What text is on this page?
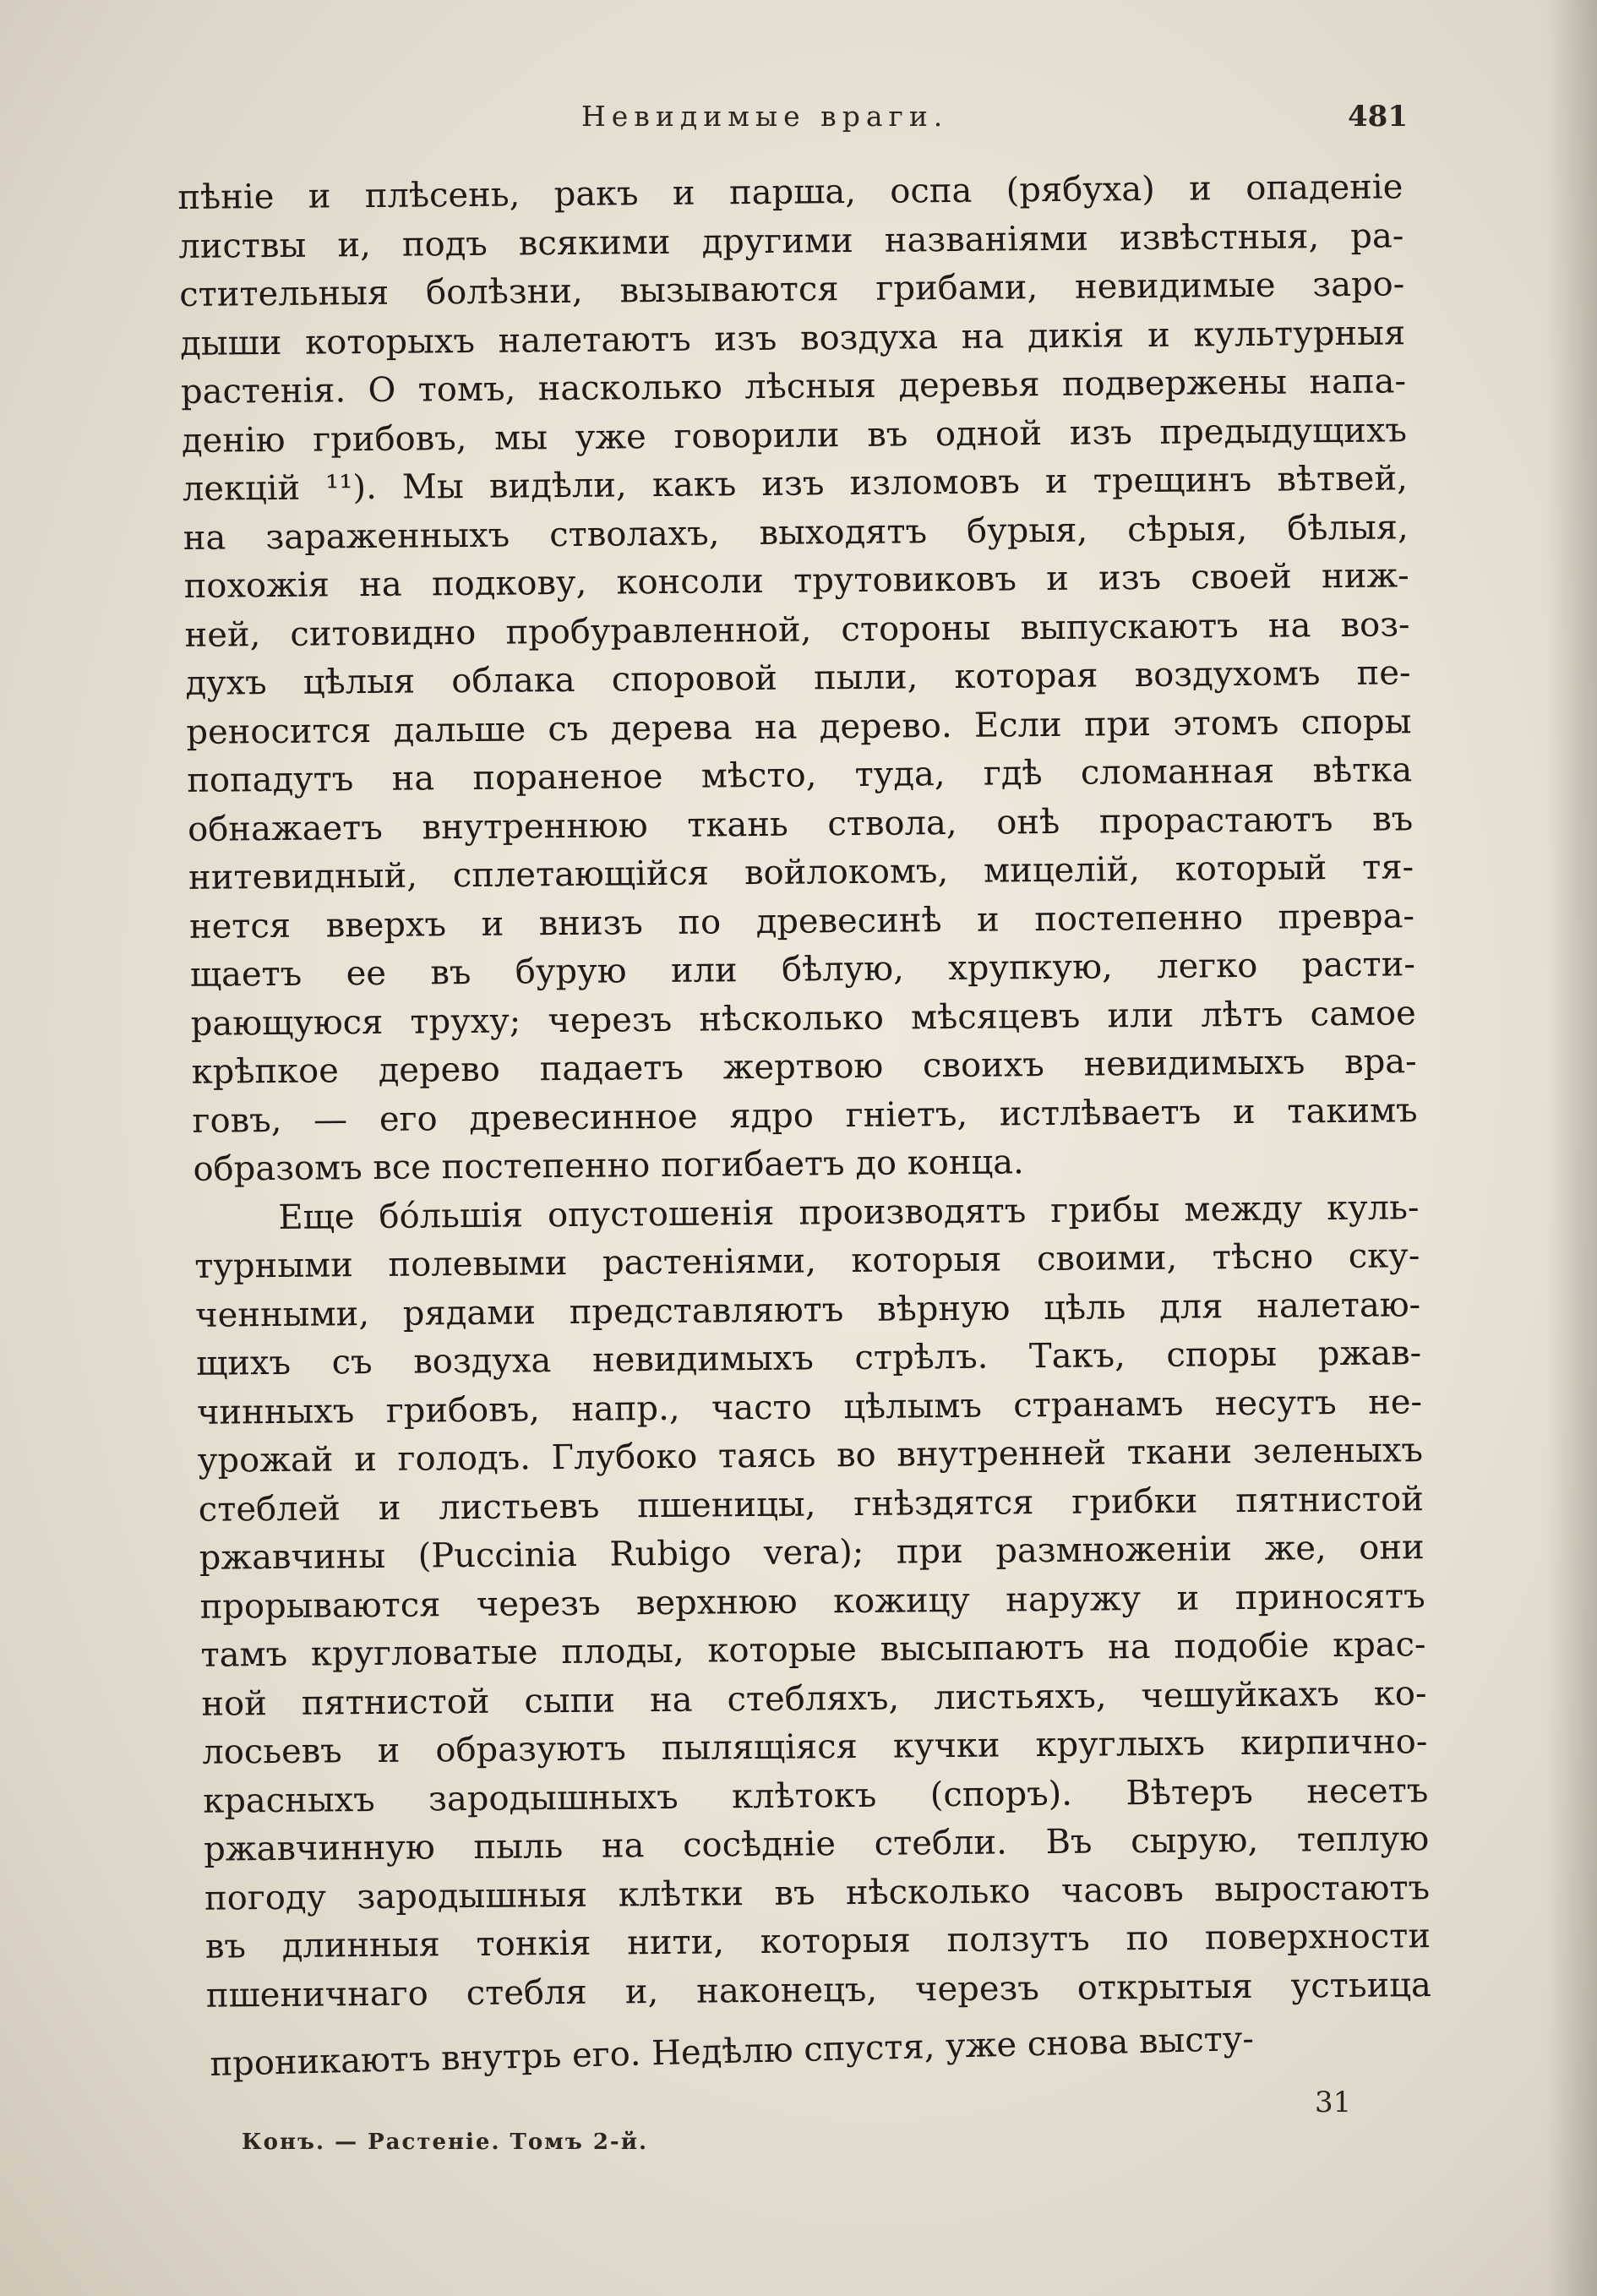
Невидимые враги.	481
пѣніе и плѣсень, ракъ и парша, оспа (рябуха) и опаденіе
листвы и, подъ всякими другими названіями извѣстныя, ра-
стительныя болѣзни, вызываются грибами, невидимые заро-
дыши которыхъ налетаютъ изъ воздуха на дикія и культурныя
растенія. О томъ, насколько лѣсныя деревья подвержены напа-
денію грибовъ, мы уже говорили въ одной изъ предыдущихъ
лекцій ¹¹). Мы видѣли, какъ изъ изломовъ и трещинъ вѣтвей,
на зараженныхъ стволахъ, выходятъ бурыя, сѣрыя, бѣлыя,
похожія на подкову, консоли трутовиковъ и изъ своей ниж-
ней, ситовидно пробуравленной, стороны выпускаютъ на воз-
духъ цѣлыя облака споровой пыли, которая воздухомъ пе-
реносится дальше съ дерева на дерево. Если при этомъ споры
попадутъ на пораненое мѣсто, туда, гдѣ сломанная вѣтка
обнажаетъ внутреннюю ткань ствола, онѣ прорастаютъ въ
нитевидный, сплетающійся войлокомъ, мицелій, который тя-
нется вверхъ и внизъ по древесинѣ и постепенно превра-
щаетъ ее въ бурую или бѣлую, хрупкую, легко расти-
рающуюся труху; черезъ нѣсколько мѣсяцевъ или лѣтъ самое
крѣпкое дерево падаетъ жертвою своихъ невидимыхъ вра-
говъ, — его древесинное ядро гніетъ, истлѣваетъ и такимъ
образомъ все постепенно погибаетъ до конца.
Еще бóльшія опустошенія производятъ грибы между куль-
турными полевыми растеніями, которыя своими, тѣсно ску-
ченными, рядами представляютъ вѣрную цѣль для налетаю-
щихъ съ воздуха невидимыхъ стрѣлъ. Такъ, споры ржав-
чинныхъ грибовъ, напр., часто цѣлымъ странамъ несутъ не-
урожай и голодъ. Глубоко таясь во внутренней ткани зеленыхъ
стеблей и листьевъ пшеницы, гнѣздятся грибки пятнистой
ржавчины (Puccinia Rubigo vera); при размноженіи же, они
прорываются черезъ верхнюю кожицу наружу и приносятъ
тамъ кругловатые плоды, которые высыпаютъ на подобіе крас-
ной пятнистой сыпи на стебляхъ, листьяхъ, чешуйкахъ ко-
лосьевъ и образуютъ пылящіяся кучки круглыхъ кирпично-
красныхъ зародышныхъ клѣтокъ (споръ). Вѣтеръ несетъ
ржавчинную пыль на сосѣдніе стебли. Въ сырую, теплую
погоду зародышныя клѣтки въ нѣсколько часовъ выростаютъ
въ длинныя тонкія нити, которыя ползутъ по поверхности
пшеничнаго стебля и, наконецъ, черезъ открытыя устьица
проникаютъ внутрь его. Недѣлю спустя, уже снова высту-
31
Конъ. — Растеніе. Томъ 2-й.
